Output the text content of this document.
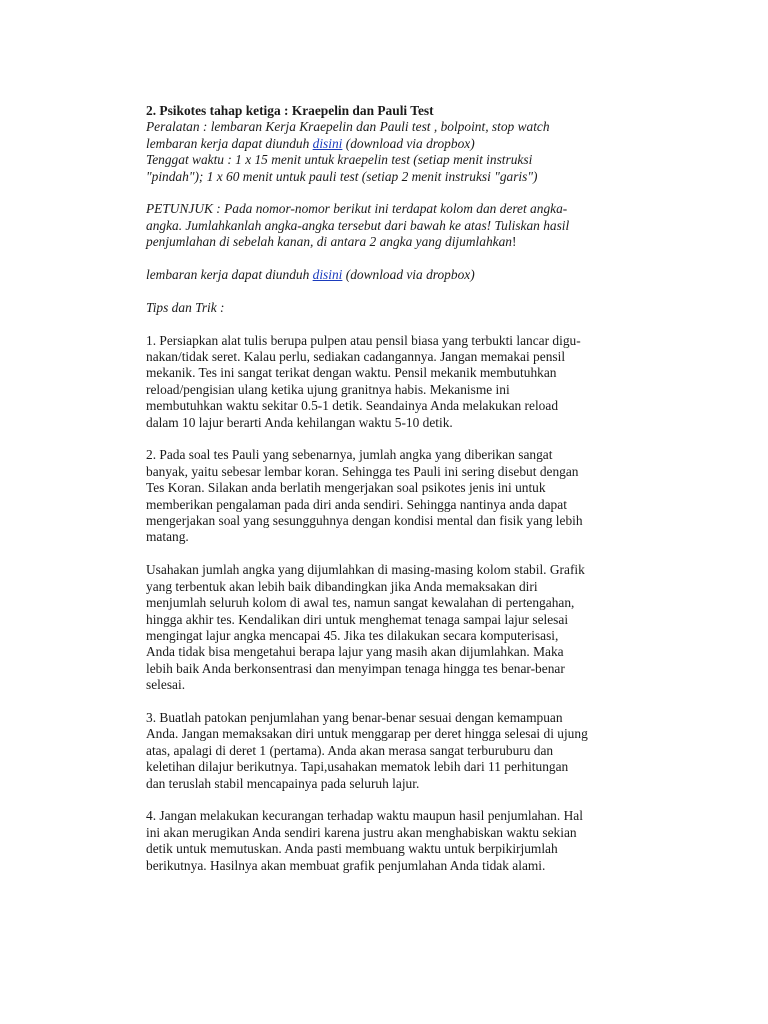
2. Psikotes tahap ketiga : Kraepelin dan Pauli Test

Peralatan : lembaran Kerja Kraepelin dan Pauli test , bolpoint, stop watch

lembaran kerja dapat diunduh disini (download via dropbox)

Tenggat waktu : 1 x 15 menit untuk kraepelin test (setiap menit instruksi

"pindah"); 1 x 60 menit untuk pauli test (setiap 2 menit instruksi "garis")

PETUNJUK : Pada nomor-nomor berikut ini terdapat kolom dan deret angka-

angka. Jumlahkanlah angka-angka tersebut dari bawah ke atas! Tuliskan hasil

penjumlahan di sebelah kanan, di antara 2 angka yang dijumlahkan!

lembaran kerja dapat diunduh disini (download via dropbox)

Tips dan Trik :

1. Persiapkan alat tulis berupa pulpen atau pensil biasa yang terbukti lancar digu-

nakan/tidak seret. Kalau perlu, sediakan cadangannya. Jangan memakai pensil

mekanik. Tes ini sangat terikat dengan waktu. Pensil mekanik membutuhkan

reload/pengisian ulang ketika ujung granitnya habis. Mekanisme ini

membutuhkan waktu sekitar 0.5-1 detik. Seandainya Anda melakukan reload

dalam 10 lajur berarti Anda kehilangan waktu 5-10 detik.

2. Pada soal tes Pauli yang sebenarnya, jumlah angka yang diberikan sangat

banyak, yaitu sebesar lembar koran. Sehingga tes Pauli ini sering disebut dengan

Tes Koran. Silakan anda berlatih mengerjakan soal psikotes jenis ini untuk

memberikan pengalaman pada diri anda sendiri. Sehingga nantinya anda dapat

mengerjakan soal yang sesungguhnya dengan kondisi mental dan fisik yang lebih

matang.

Usahakan jumlah angka yang dijumlahkan di masing-masing kolom stabil. Grafik

yang terbentuk akan lebih baik dibandingkan jika Anda memaksakan diri

menjumlah seluruh kolom di awal tes, namun sangat kewalahan di pertengahan,

hingga akhir tes. Kendalikan diri untuk menghemat tenaga sampai lajur selesai

mengingat lajur angka mencapai 45. Jika tes dilakukan secara komputerisasi,

Anda tidak bisa mengetahui berapa lajur yang masih akan dijumlahkan. Maka

lebih baik Anda berkonsentrasi dan menyimpan tenaga hingga tes benar-benar

selesai.

3. Buatlah patokan penjumlahan yang benar-benar sesuai dengan kemampuan

Anda. Jangan memaksakan diri untuk menggarap per deret hingga selesai di ujung

atas, apalagi di deret 1 (pertama). Anda akan merasa sangat terburuburu dan

keletihan dilajur berikutnya. Tapi,usahakan mematok lebih dari 11 perhitungan

dan teruslah stabil mencapainya pada seluruh lajur.

4. Jangan melakukan kecurangan terhadap waktu maupun hasil penjumlahan. Hal

ini akan merugikan Anda sendiri karena justru akan menghabiskan waktu sekian

detik untuk memutuskan. Anda pasti membuang waktu untuk berpikirjumlah

berikutnya. Hasilnya akan membuat grafik penjumlahan Anda tidak alami.
